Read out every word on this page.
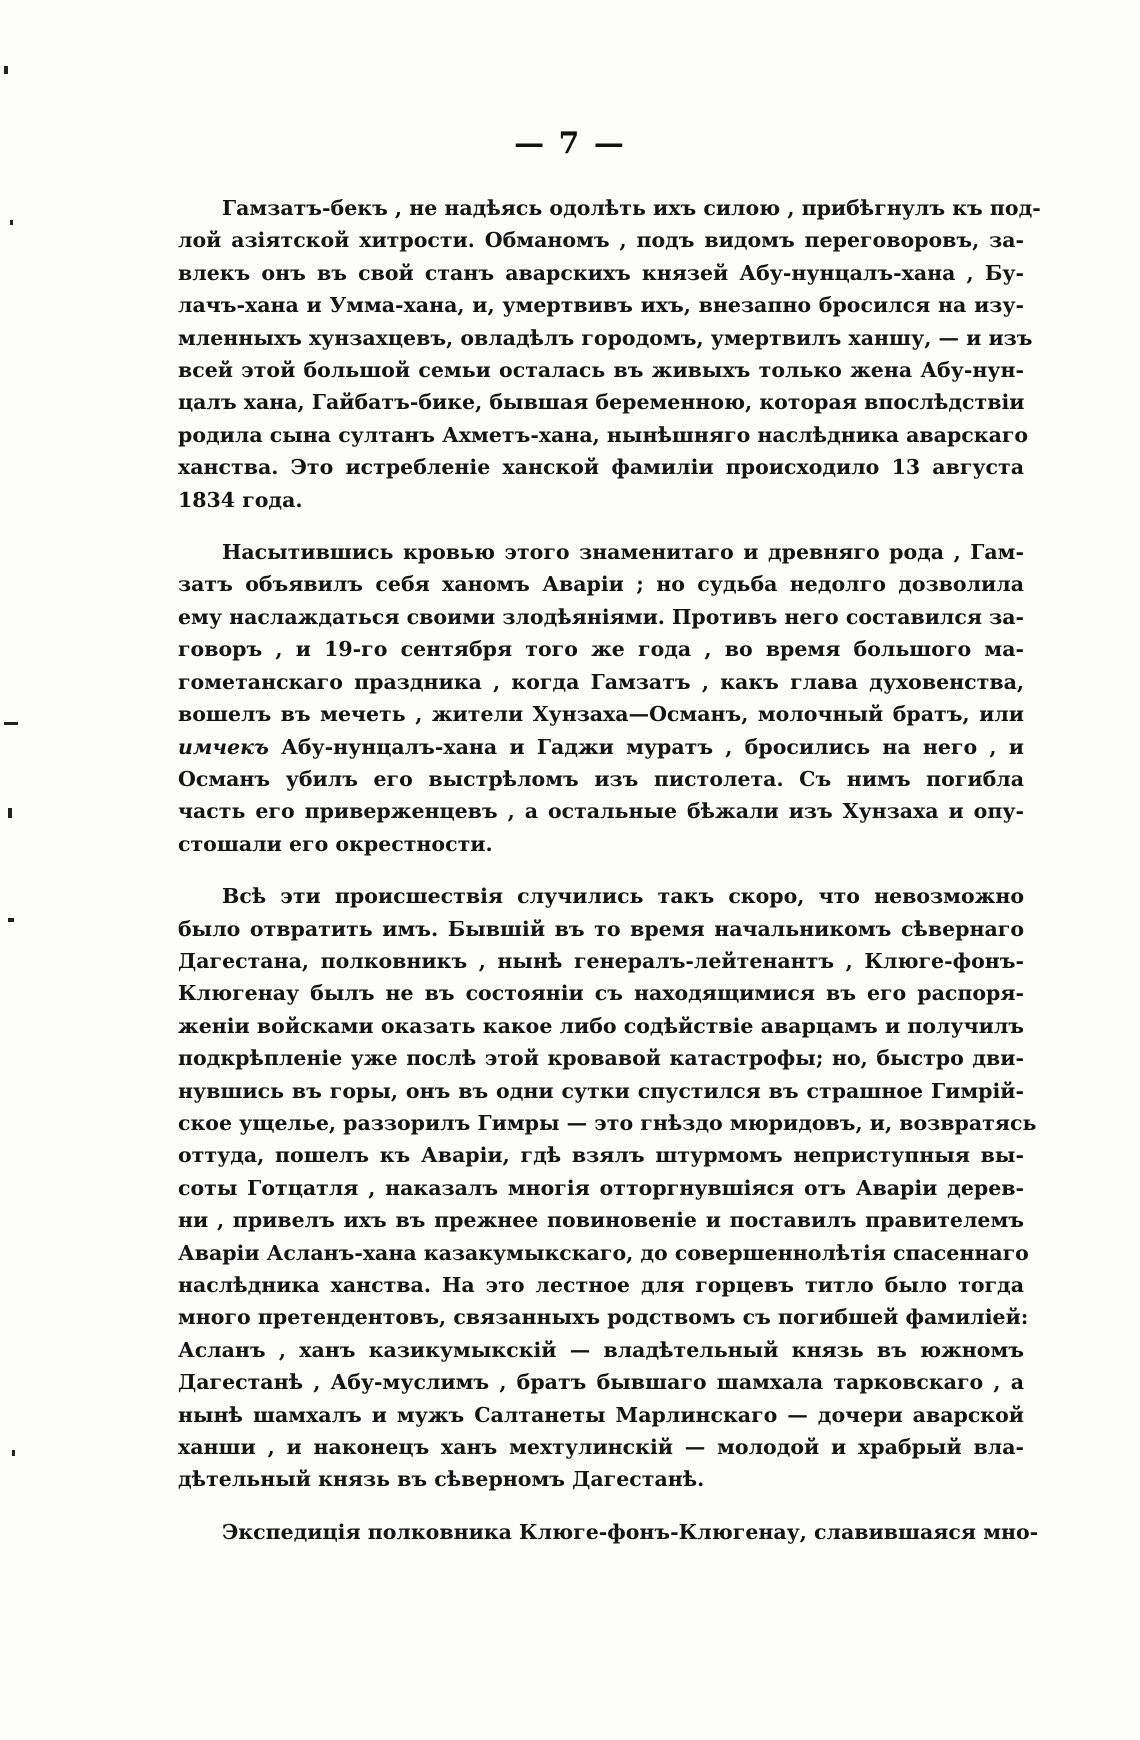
— 7 —
Гамзатъ-бекъ , не надѣясь одолѣть ихъ силою , прибѣгнулъ къ под-
лой азіятской хитрости. Обманомъ , подъ видомъ переговоровъ, за-
влекъ онъ въ свой станъ аварскихъ князей Абу-нунцалъ-хана , Бу-
лачъ-хана и Умма-хана, и, умертвивъ ихъ, внезапно бросился на изу-
мленныхъ хунзахцевъ, овладѣлъ городомъ, умертвилъ ханшу, — и изъ
всей этой большой семьи осталась въ живыхъ только жена Абу-нун-
цалъ хана, Гайбатъ-бике, бывшая беременною, которая впослѣдствіи
родила сына султанъ Ахметъ-хана, нынѣшняго наслѣдника аварскаго
ханства. Это истребленіе ханской фамиліи происходило 13 августа
1834 года.
Насытившись кровью этого знаменитаго и древняго рода , Гам-
затъ объявилъ себя ханомъ Аваріи ; но судьба недолго дозволила
ему наслаждаться своими злодѣяніями. Противъ него составился за-
говоръ , и 19-го сентября того же года , во время большого ма-
гометанскаго праздника , когда Гамзатъ , какъ глава духовенства,
вошелъ въ мечеть , жители Хунзаха—Османъ, молочный братъ, или
имчекъ Абу-нунцалъ-хана и Гаджи муратъ , бросились на него , и
Османъ убилъ его выстрѣломъ изъ пистолета. Съ нимъ погибла
часть его приверженцевъ , а остальные бѣжали изъ Хунзаха и опу-
стошали его окрестности.
Всѣ эти происшествія случились такъ скоро, что невозможно
было отвратить имъ. Бывшій въ то время начальникомъ сѣвернаго
Дагестана, полковникъ , нынѣ генералъ-лейтенантъ , Клюге-фонъ-
Клюгенау былъ не въ состояніи съ находящимися въ его распоря-
женіи войсками оказать какое либо содѣйствіе аварцамъ и получилъ
подкрѣпленіе уже послѣ этой кровавой катастрофы; но, быстро дви-
нувшись въ горы, онъ въ одни сутки спустился въ страшное Гимрій-
ское ущелье, раззорилъ Гимры — это гнѣздо мюридовъ, и, возвратясь
оттуда, пошелъ къ Аваріи, гдѣ взялъ штурмомъ неприступныя вы-
соты Готцатля , наказалъ многія отторгнувшіяся отъ Аваріи дерев-
ни , привелъ ихъ въ прежнее повиновеніе и поставилъ правителемъ
Аваріи Асланъ-хана казакумыкскаго, до совершеннолѣтія спасеннаго
наслѣдника ханства. На это лестное для горцевъ титло было тогда
много претендентовъ, связанныхъ родствомъ съ погибшей фамиліей:
Асланъ , ханъ казикумыкскій — владѣтельный князь въ южномъ
Дагестанѣ , Абу-муслимъ , братъ бывшаго шамхала тарковскаго , а
нынѣ шамхалъ и мужъ Салтанеты Марлинскаго — дочери аварской
ханши , и наконецъ ханъ мехтулинскій — молодой и храбрый вла-
дѣтельный князь въ сѣверномъ Дагестанѣ.
Экспедиція полковника Клюге-фонъ-Клюгенау, славившаяся мно-
